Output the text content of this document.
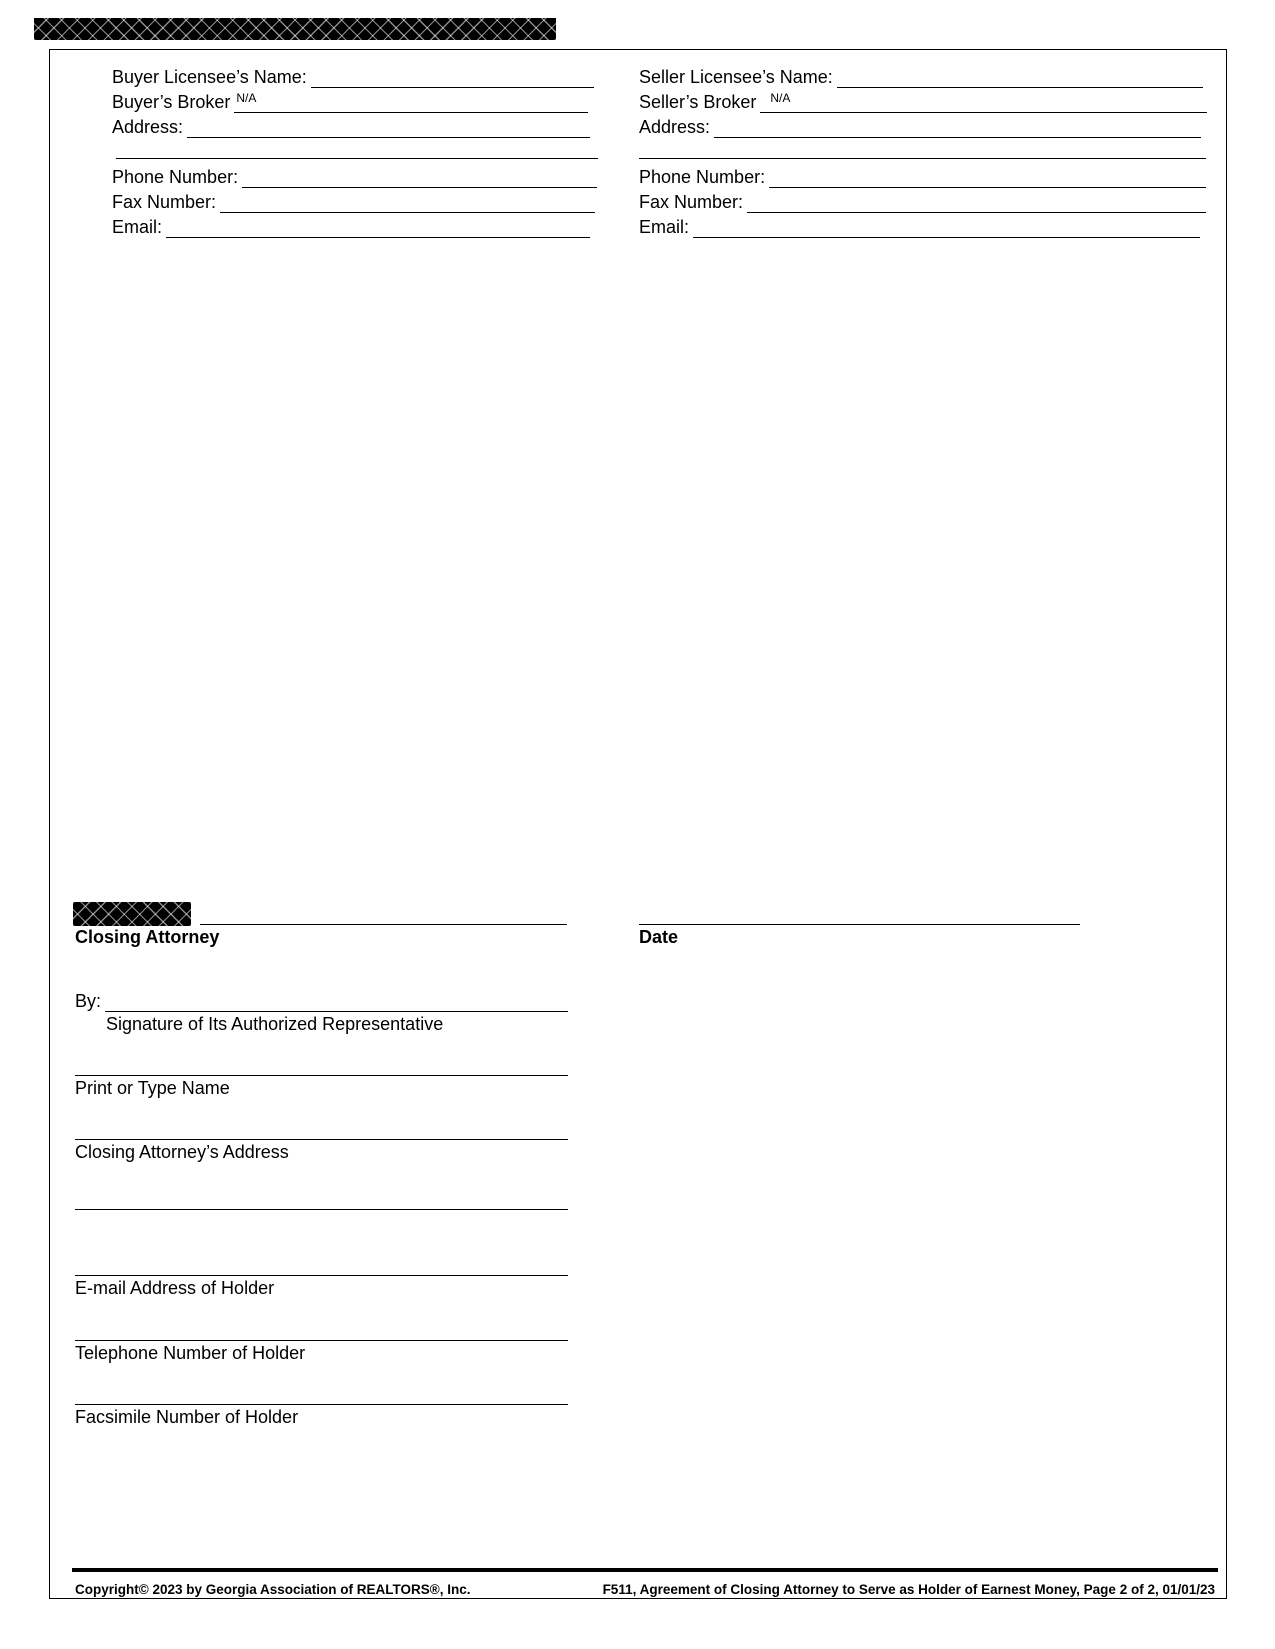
Buyer Licensee’s Name:
Buyer’s Broker N/A
Address:
Phone Number:
Fax Number:
Email:
Seller Licensee’s Name:
Seller’s Broker	N/A
Address:
Phone Number:
Fax Number:
Email:
Closing Attorney	Date
By:
Signature of Its Authorized Representative
Print or Type Name
Closing Attorney’s Address
E-mail Address of Holder
Telephone Number of Holder
Facsimile Number of Holder
Copyright© 2023 by Georgia Association of REALTORS®, Inc.	F511, Agreement of Closing Attorney to Serve as Holder of Earnest Money, Page 2 of 2, 01/01/23
